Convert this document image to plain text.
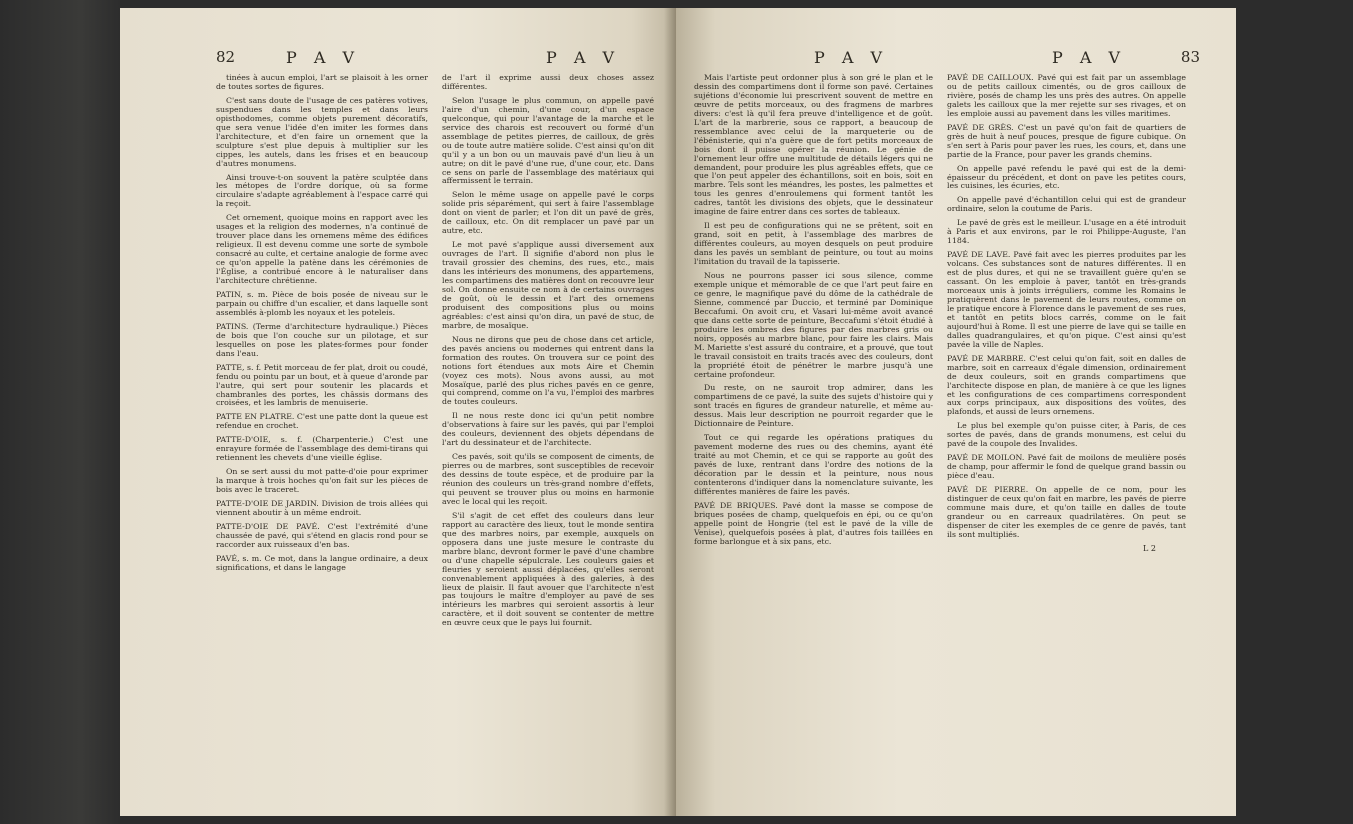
82	P A V	P A V

tinées à aucun emploi, l'art se plaisoit à les orner de toutes sortes de figures.

C'est sans doute de l'usage de ces patères votives, suspendues dans les temples et dans leurs opisthodomes, comme objets purement décoratifs, que sera venue l'idée d'en imiter les formes dans l'architecture, et d'en faire un ornement que la sculpture s'est plue depuis à multiplier sur les cippes, les autels, dans les frises et en beaucoup d'autres monumens.

Ainsi trouve-t-on souvent la patère sculptée dans les métopes de l'ordre dorique, où sa forme circulaire s'adapte agréablement à l'espace carré qui la reçoit.

Cet ornement, quoique moins en rapport avec les usages et la religion des modernes, n'a continué de trouver place dans les ornemens même des édifices religieux. Il est devenu comme une sorte de symbole consacré au culte, et certaine analogie de forme avec ce qu'on appelle la patène dans les cérémonies de l'Église, a contribué encore à le naturaliser dans l'architecture chrétienne.

PATIN, s. m. Pièce de bois posée de niveau sur le parpain ou chiffre d'un escalier, et dans laquelle sont assemblés à-plomb les noyaux et les poteleis.

PATINS. (Terme d'architecture hydraulique.) Pièces de bois que l'on couche sur un pilotage, et sur lesquelles on pose les plates-formes pour fonder dans l'eau.

PATTE, s. f. Petit morceau de fer plat, droit ou coudé, fendu ou pointu par un bout, et à queue d'aronde par l'autre, qui sert pour soutenir les placards et chambranles des portes, les châssis dormans des croisées, et les lambris de menuiserie.

PATTE EN PLATRE. C'est une patte dont la queue est refendue en crochet.

PATTE-D'OIE, s. f. (Charpenterie.) C'est une enrayure formée de l'assemblage des demi-tirans qui retiennent les chevets d'une vieille église.

On se sert aussi du mot patte-d'oie pour exprimer la marque à trois hoches qu'on fait sur les pièces de bois avec le traceret.

PATTE-D'OIE DE JARDIN. Division de trois allées qui viennent aboutir à un même endroit.

PATTE-D'OIE DE PAVÉ. C'est l'extrémité d'une chaussée de pavé, qui s'étend en glacis rond pour se raccorder aux ruisseaux d'en bas.

PAVÉ, s. m. Ce mot, dans la langue ordinaire, a deux significations, et dans le langage

de l'art il exprime aussi deux choses assez différentes.

Selon l'usage le plus commun, on appelle pavé l'aire d'un chemin, d'une cour, d'un espace quelconque, qui pour l'avantage de la marche et le service des charois est recouvert ou formé d'un assemblage de petites pierres, de cailloux, de grès ou de toute autre matière solide. C'est ainsi qu'on dit qu'il y a un bon ou un mauvais pavé d'un lieu à un autre; on dit le pavé d'une rue, d'une cour, etc. Dans ce sens on parle de l'assemblage des matériaux qui affermissent le terrain.

Selon le même usage on appelle pavé le corps solide pris séparément, qui sert à faire l'assemblage dont on vient de parler; et l'on dit un pavé de grès, de cailloux, etc. On dit remplacer un pavé par un autre, etc.

Le mot pavé s'applique aussi diversement aux ouvrages de l'art. Il signifie d'abord non plus le travail grossier des chemins, des rues, etc., mais dans les intérieurs des monumens, des appartemens, les compartimens des matières dont on recouvre leur sol. On donne ensuite ce nom à de certains ouvrages de goût, où le dessin et l'art des ornemens produisent des compositions plus ou moins agréables: c'est ainsi qu'on dira, un pavé de stuc, de marbre, de mosaïque.

Nous ne dirons que peu de chose dans cet article, des pavés anciens ou modernes qui entrent dans la formation des routes. On trouvera sur ce point des notions fort étendues aux mots Aire et Chemin (voyez ces mots). Nous avons aussi, au mot Mosaïque, parlé des plus riches pavés en ce genre, qui comprend, comme on l'a vu, l'emploi des marbres de toutes couleurs.

Il ne nous reste donc ici qu'un petit nombre d'observations à faire sur les pavés, qui par l'emploi des couleurs, deviennent des objets dépendans de l'art du dessinateur et de l'architecte.

Ces pavés, soit qu'ils se composent de ciments, de pierres ou de marbres, sont susceptibles de recevoir des dessins de toute espèce, et de produire par la réunion des couleurs un très-grand nombre d'effets, qui peuvent se trouver plus ou moins en harmonie avec le local qui les reçoit.

S'il s'agit de cet effet des couleurs dans leur rapport au caractère des lieux, tout le monde sentira que des marbres noirs, par exemple, auxquels on opposera dans une juste mesure le contraste du marbre blanc, devront former le pavé d'une chambre ou d'une chapelle sépulcrale. Les couleurs gaies et fleuries y seroient aussi déplacées, qu'elles seront convenablement appliquées à des galeries, à des lieux de plaisir. Il faut avouer que l'architecte n'est pas toujours le maître d'employer au pavé de ses intérieurs les marbres qui seroient assortis à leur caractère, et il doit souvent se contenter de mettre en œuvre ceux que le pays lui fournit.

P A V	P A V	83

Mais l'artiste peut ordonner plus à son gré le plan et le dessin des compartimens dont il forme son pavé. Certaines sujétions d'économie lui prescrivent souvent de mettre en œuvre de petits morceaux, ou des fragmens de marbres divers: c'est là qu'il fera preuve d'intelligence et de goût. L'art de la marbrerie, sous ce rapport, a beaucoup de ressemblance avec celui de la marqueterie ou de l'ébénisterie, qui n'a guère que de fort petits morceaux de bois dont il puisse opérer la réunion. Le génie de l'ornement leur offre une multitude de détails légers qui ne demandent, pour produire les plus agréables effets, que ce que l'on peut appeler des échantillons, soit en bois, soit en marbre. Tels sont les méandres, les postes, les palmettes et tous les genres d'enroulemens qui forment tantôt les cadres, tantôt les divisions des objets, que le dessinateur imagine de faire entrer dans ces sortes de tableaux.

Il est peu de configurations qui ne se prêtent, soit en grand, soit en petit, à l'assemblage des marbres de différentes couleurs, au moyen desquels on peut produire dans les pavés un semblant de peinture, ou tout au moins l'imitation du travail de la tapisserie.

Nous ne pourrons passer ici sous silence, comme exemple unique et mémorable de ce que l'art peut faire en ce genre, le magnifique pavé du dôme de la cathédrale de Sienne, commencé par Duccio, et terminé par Dominique Beccafumi. On avoit cru, et Vasari lui-même avoit avancé que dans cette sorte de peinture, Beccafumi s'étoit étudié à produire les ombres des figures par des marbres gris ou noirs, opposés au marbre blanc, pour faire les clairs. Mais M. Mariette s'est assuré du contraire, et a prouvé, que tout le travail consistoit en traits tracés avec des couleurs, dont la propriété étoit de pénétrer le marbre jusqu'à une certaine profondeur.

Du reste, on ne sauroit trop admirer, dans les compartimens de ce pavé, la suite des sujets d'histoire qui y sont tracés en figures de grandeur naturelle, et même au-dessus. Mais leur description ne pourroit regarder que le Dictionnaire de Peinture.

Tout ce qui regarde les opérations pratiques du pavement moderne des rues ou des chemins, ayant été traité au mot Chemin, et ce qui se rapporte au goût des pavés de luxe, rentrant dans l'ordre des notions de la décoration par le dessin et la peinture, nous nous contenterons d'indiquer dans la nomenclature suivante, les différentes manières de faire les pavés.

PAVÉ DE BRIQUES. Pavé dont la masse se compose de briques posées de champ, quelquefois en épi, ou ce qu'on appelle point de Hongrie (tel est le pavé de la ville de Venise), quelquefois posées à plat, d'autres fois taillées en forme barlongue et à six pans, etc.

PAVÉ DE CAILLOUX. Pavé qui est fait par un assemblage ou de petits cailloux cimentés, ou de gros cailloux de rivière, posés de champ les uns près des autres. On appelle galets les cailloux que la mer rejette sur ses rivages, et on les emploie aussi au pavement dans les villes maritimes.

PAVÉ DE GRÈS. C'est un pavé qu'on fait de quartiers de grès de huit à neuf pouces, presque de figure cubique. On s'en sert à Paris pour paver les rues, les cours, et, dans une partie de la France, pour paver les grands chemins.

On appelle pavé refendu le pavé qui est de la demi-épaisseur du précédent, et dont on pave les petites cours, les cuisines, les écuries, etc.

On appelle pavé d'échantillon celui qui est de grandeur ordinaire, selon la coutume de Paris.

Le pavé de grès est le meilleur. L'usage en a été introduit à Paris et aux environs, par le roi Philippe-Auguste, l'an 1184.

PAVÉ DE LAVE. Pavé fait avec les pierres produites par les volcans. Ces substances sont de natures différentes. Il en est de plus dures, et qui ne se travaillent guère qu'en se cassant. On les emploie à paver, tantôt en très-grands morceaux unis à joints irréguliers, comme les Romains le pratiquèrent dans le pavement de leurs routes, comme on le pratique encore à Florence dans le pavement de ses rues, et tantôt en petits blocs carrés, comme on le fait aujourd'hui à Rome. Il est une pierre de lave qui se taille en dalles quadrangulaires, et qu'on pique. C'est ainsi qu'est pavée la ville de Naples.

PAVÉ DE MARBRE. C'est celui qu'on fait, soit en dalles de marbre, soit en carreaux d'égale dimension, ordinairement de deux couleurs, soit en grands compartimens que l'architecte dispose en plan, de manière à ce que les lignes et les configurations de ces compartimens correspondent aux corps principaux, aux dispositions des voûtes, des plafonds, et aussi de leurs ornemens.

Le plus bel exemple qu'on puisse citer, à Paris, de ces sortes de pavés, dans de grands monumens, est celui du pavé de la coupole des Invalides.

PAVÉ DE MOILON. Pavé fait de moilons de meulière posés de champ, pour affermir le fond de quelque grand bassin ou pièce d'eau.

PAVÉ DE PIERRE. On appelle de ce nom, pour les distinguer de ceux qu'on fait en marbre, les pavés de pierre commune mais dure, et qu'on taille en dalles de toute grandeur ou en carreaux quadrilatères. On peut se dispenser de citer les exemples de ce genre de pavés, tant ils sont multipliés.

L 2
